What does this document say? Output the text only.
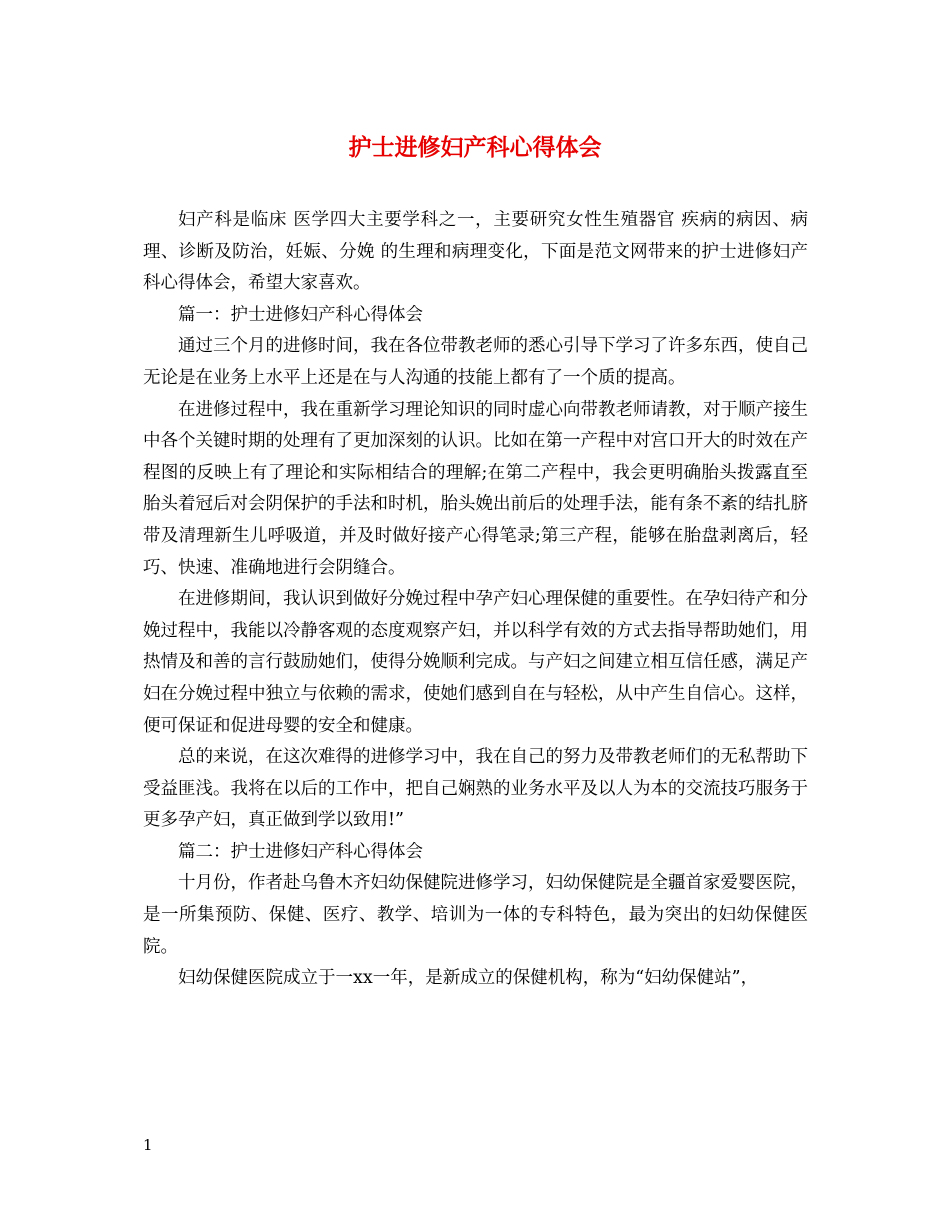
护士进修妇产科心得体会

妇产科是临床 医学四大主要学科之一，主要研究女性生殖器官 疾病的病因、病理、诊断及防治，妊娠、分娩 的生理和病理变化，下面是范文网带来的护士进修妇产科心得体会，希望大家喜欢。

篇一：护士进修妇产科心得体会

通过三个月的进修时间，我在各位带教老师的悉心引导下学习了许多东西，使自己无论是在业务上水平上还是在与人沟通的技能上都有了一个质的提高。

在进修过程中，我在重新学习理论知识的同时虚心向带教老师请教，对于顺产接生中各个关键时期的处理有了更加深刻的认识。比如在第一产程中对宫口开大的时效在产程图的反映上有了理论和实际相结合的理解;在第二产程中，我会更明确胎头拨露直至胎头着冠后对会阴保护的手法和时机，胎头娩出前后的处理手法，能有条不紊的结扎脐带及清理新生儿呼吸道，并及时做好接产心得笔录;第三产程，能够在胎盘剥离后，轻巧、快速、准确地进行会阴缝合。

在进修期间，我认识到做好分娩过程中孕产妇心理保健的重要性。在孕妇待产和分娩过程中，我能以冷静客观的态度观察产妇，并以科学有效的方式去指导帮助她们，用热情及和善的言行鼓励她们，使得分娩顺利完成。与产妇之间建立相互信任感，满足产妇在分娩过程中独立与依赖的需求，使她们感到自在与轻松，从中产生自信心。这样，便可保证和促进母婴的安全和健康。

总的来说，在这次难得的进修学习中，我在自己的努力及带教老师们的无私帮助下受益匪浅。我将在以后的工作中，把自己娴熟的业务水平及以人为本的交流技巧服务于更多孕产妇，真正做到学以致用!”

篇二：护士进修妇产科心得体会

十月份，作者赴乌鲁木齐妇幼保健院进修学习，妇幼保健院是全疆首家爱婴医院，是一所集预防、保健、医疗、教学、培训为一体的专科特色，最为突出的妇幼保健医院。

妇幼保健医院成立于一xx一年，是新成立的保健机构，称为“妇幼保健站”，

1
